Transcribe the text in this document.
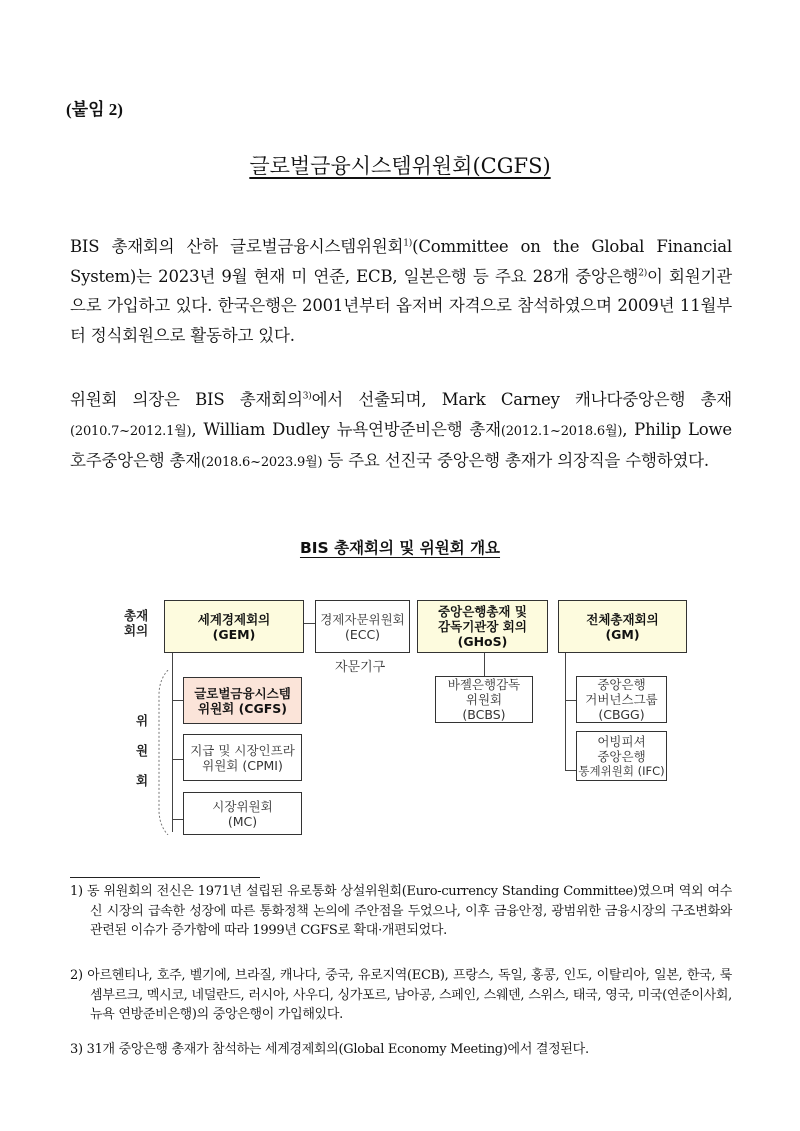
(붙임 2)
글로벌금융시스템위원회(CGFS)
BIS 총재회의 산하 글로벌금융시스템위원회$^{1)}$(Committee on the Global Financial System)는 2023년 9월 현재 미 연준, ECB, 일본은행 등 주요 28개 중앙은행$^{2)}$이 회원기관으로 가입하고 있다. 한국은행은 2001년부터 옵저버 자격으로 참석하였으며 2009년 11월부터 정식회원으로 활동하고 있다.
위원회 의장은 BIS 총재회의$^{3)}$에서 선출되며, Mark Carney 캐나다중앙은행 총재(2010.7~2012.1월), William Dudley 뉴욕연방준비은행 총재(2012.1~2018.6월), Philip Lowe 호주중앙은행 총재(2018.6~2023.9월) 등 주요 선진국 중앙은행 총재가 의장직을 수행하였다.
BIS 총재회의 및 위원회 개요
총재
회의
위
원
회
세계경제회의
(GEM)
경제자문위원회
(ECC)
자문기구
중앙은행총재 및
감독기관장 회의
(GHoS)
전체총재회의
(GM)
글로벌금융시스템
위원회 (CGFS)
지급 및 시장인프라
위원회 (CPMI)
시장위원회
(MC)
바젤은행감독
위원회
(BCBS)
중앙은행
거버넌스그룹
(CBGG)
어빙피셔
중앙은행
통계위원회 (IFC)
1) 동 위원회의 전신은 1971년 설립된 유로통화 상설위원회(Euro-currency Standing Committee)였으며 역외 여수신 시장의 급속한 성장에 따른 통화정책 논의에 주안점을 두었으나, 이후 금융안정, 광범위한 금융시장의 구조변화와 관련된 이슈가 증가함에 따라 1999년 CGFS로 확대·개편되었다.
2) 아르헨티나, 호주, 벨기에, 브라질, 캐나다, 중국, 유로지역(ECB), 프랑스, 독일, 홍콩, 인도, 이탈리아, 일본, 한국, 룩셈부르크, 멕시코, 네덜란드, 러시아, 사우디, 싱가포르, 남아공, 스페인, 스웨덴, 스위스, 태국, 영국, 미국(연준이사회, 뉴욕 연방준비은행)의 중앙은행이 가입해있다.
3) 31개 중앙은행 총재가 참석하는 세계경제회의(Global Economy Meeting)에서 결정된다.
